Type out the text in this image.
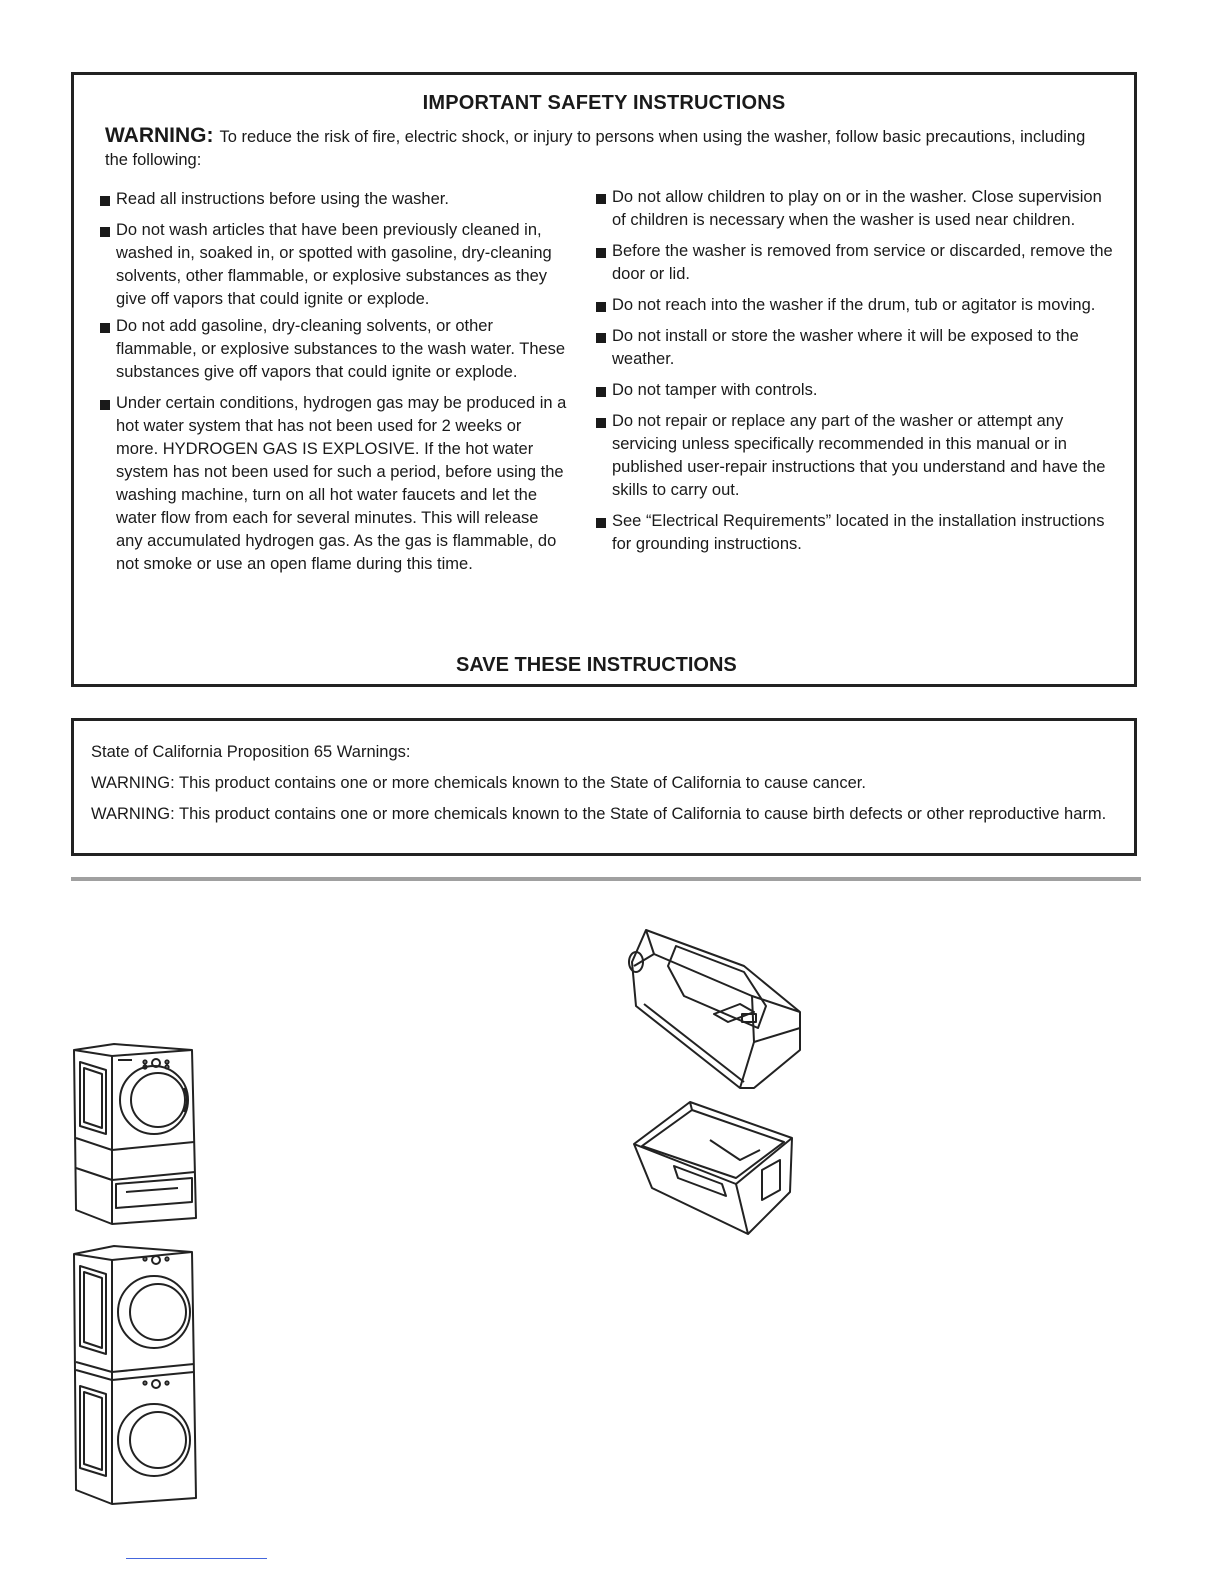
IMPORTANT SAFETY INSTRUCTIONS
WARNING: To reduce the risk of fire, electric shock, or injury to persons when using the washer, follow basic precautions, including the following:
Read all instructions before using the washer.
Do not wash articles that have been previously cleaned in, washed in, soaked in, or spotted with gasoline, dry-cleaning solvents, other flammable, or explosive substances as they give off vapors that could ignite or explode.
Do not add gasoline, dry-cleaning solvents, or other flammable, or explosive substances to the wash water. These substances give off vapors that could ignite or explode.
Under certain conditions, hydrogen gas may be produced in a hot water system that has not been used for 2 weeks or more. HYDROGEN GAS IS EXPLOSIVE. If the hot water system has not been used for such a period, before using the washing machine, turn on all hot water faucets and let the water flow from each for several minutes. This will release any accumulated hydrogen gas. As the gas is flammable, do not smoke or use an open flame during this time.
Do not allow children to play on or in the washer. Close supervision of children is necessary when the washer is used near children.
Before the washer is removed from service or discarded, remove the door or lid.
Do not reach into the washer if the drum, tub or agitator is moving.
Do not install or store the washer where it will be exposed to the weather.
Do not tamper with controls.
Do not repair or replace any part of the washer or attempt any servicing unless specifically recommended in this manual or in published user-repair instructions that you understand and have the skills to carry out.
See “Electrical Requirements” located in the installation instructions for grounding instructions.
SAVE THESE INSTRUCTIONS

State of California Proposition 65 Warnings:

WARNING: This product contains one or more chemicals known to the State of California to cause cancer.

WARNING: This product contains one or more chemicals known to the State of California to cause birth defects or other reproductive harm.
